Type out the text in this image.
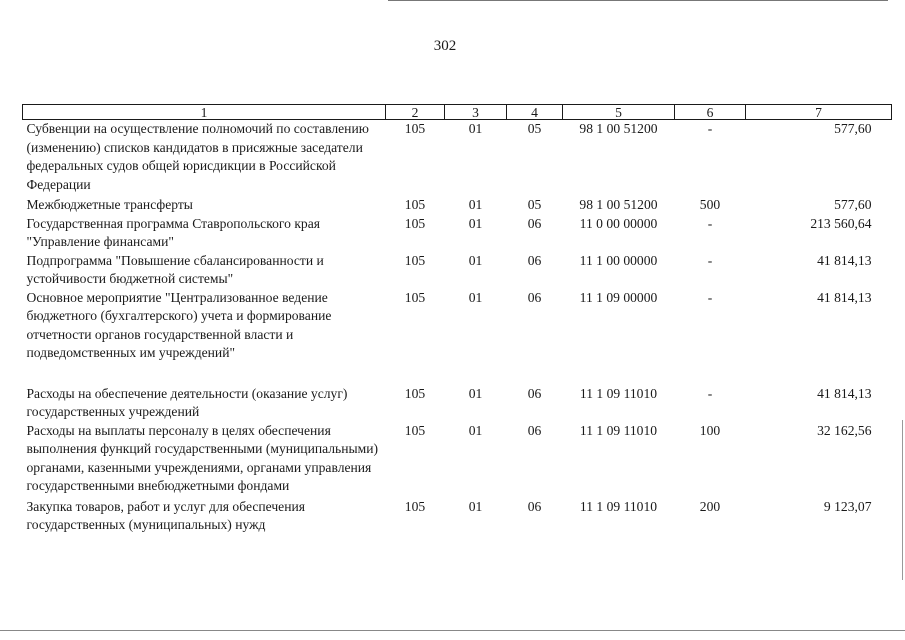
302
1	2	3	4	5	6	7
Субвенции на осуществление полномочий по составлению (изменению) списков кандидатов в присяжные заседатели федеральных судов общей юрисдикции в Российской Федерации	105	01	05	98 1 00 51200	-	577,60
Межбюджетные трансферты	105	01	05	98 1 00 51200	500	577,60
Государственная программа Ставропольского края "Управление финансами"	105	01	06	11 0 00 00000	-	213 560,64
Подпрограмма "Повышение сбалансированности и устойчивости бюджетной системы"	105	01	06	11 1 00 00000	-	41 814,13
Основное мероприятие "Централизованное ведение бюджетного (бухгалтерского) учета и формирование отчетности органов государственной власти и подведомственных им учреждений"	105	01	06	11 1 09 00000	-	41 814,13
Расходы на обеспечение деятельности (оказание услуг) государственных учреждений	105	01	06	11 1 09 11010	-	41 814,13
Расходы на выплаты персоналу в целях обеспечения выполнения функций государственными (муниципальными) органами, казенными учреждениями, органами управления государственными внебюджетными фондами	105	01	06	11 1 09 11010	100	32 162,56
Закупка товаров, работ и услуг для обеспечения государственных (муниципальных) нужд	105	01	06	11 1 09 11010	200	9 123,07
